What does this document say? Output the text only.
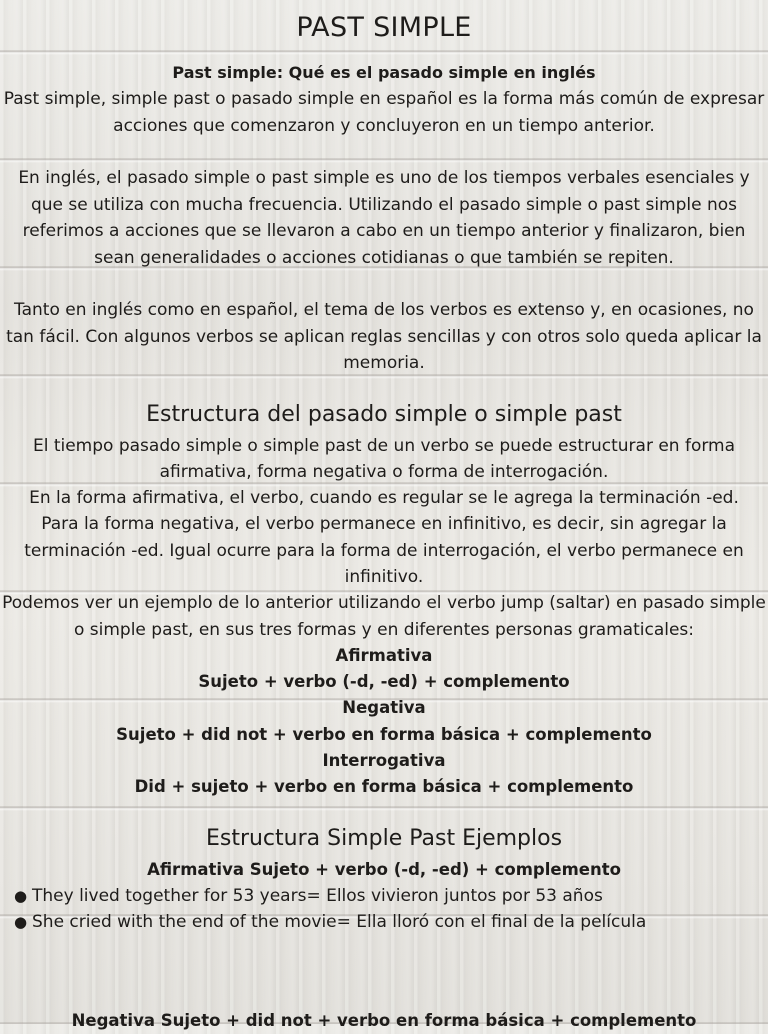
PAST SIMPLE
Past simple: Qué es el pasado simple en inglés

Past simple, simple past o pasado simple en español es la forma más común de expresar acciones que comenzaron y concluyeron en un tiempo anterior.

En inglés, el pasado simple o past simple es uno de los tiempos verbales esenciales y que se utiliza con mucha frecuencia. Utilizando el pasado simple o past simple nos referimos a acciones que se llevaron a cabo en un tiempo anterior y finalizaron, bien sean generalidades o acciones cotidianas o que también se repiten.

Tanto en inglés como en español, el tema de los verbos es extenso y, en ocasiones, no tan fácil. Con algunos verbos se aplican reglas sencillas y con otros solo queda aplicar la memoria.

Estructura del pasado simple o simple past
El tiempo pasado simple o simple past de un verbo se puede estructurar en forma afirmativa, forma negativa o forma de interrogación.
En la forma afirmativa, el verbo, cuando es regular se le agrega la terminación -ed.
Para la forma negativa, el verbo permanece en infinitivo, es decir, sin agregar la terminación -ed. Igual ocurre para la forma de interrogación, el verbo permanece en infinitivo.
Podemos ver un ejemplo de lo anterior utilizando el verbo jump (saltar) en pasado simple o simple past, en sus tres formas y en diferentes personas gramaticales:
Afirmativa
Sujeto + verbo (-d, -ed) + complemento
Negativa
Sujeto + did not + verbo en forma básica + complemento
Interrogativa
Did + sujeto + verbo en forma básica + complemento
Estructura Simple Past Ejemplos
Afirmativa Sujeto + verbo (-d, -ed) + complemento
● They lived together for 53 years= Ellos vivieron juntos por 53 años
● She cried with the end of the movie= Ella lloró con el final de la película
Negativa Sujeto + did not + verbo en forma básica + complemento
